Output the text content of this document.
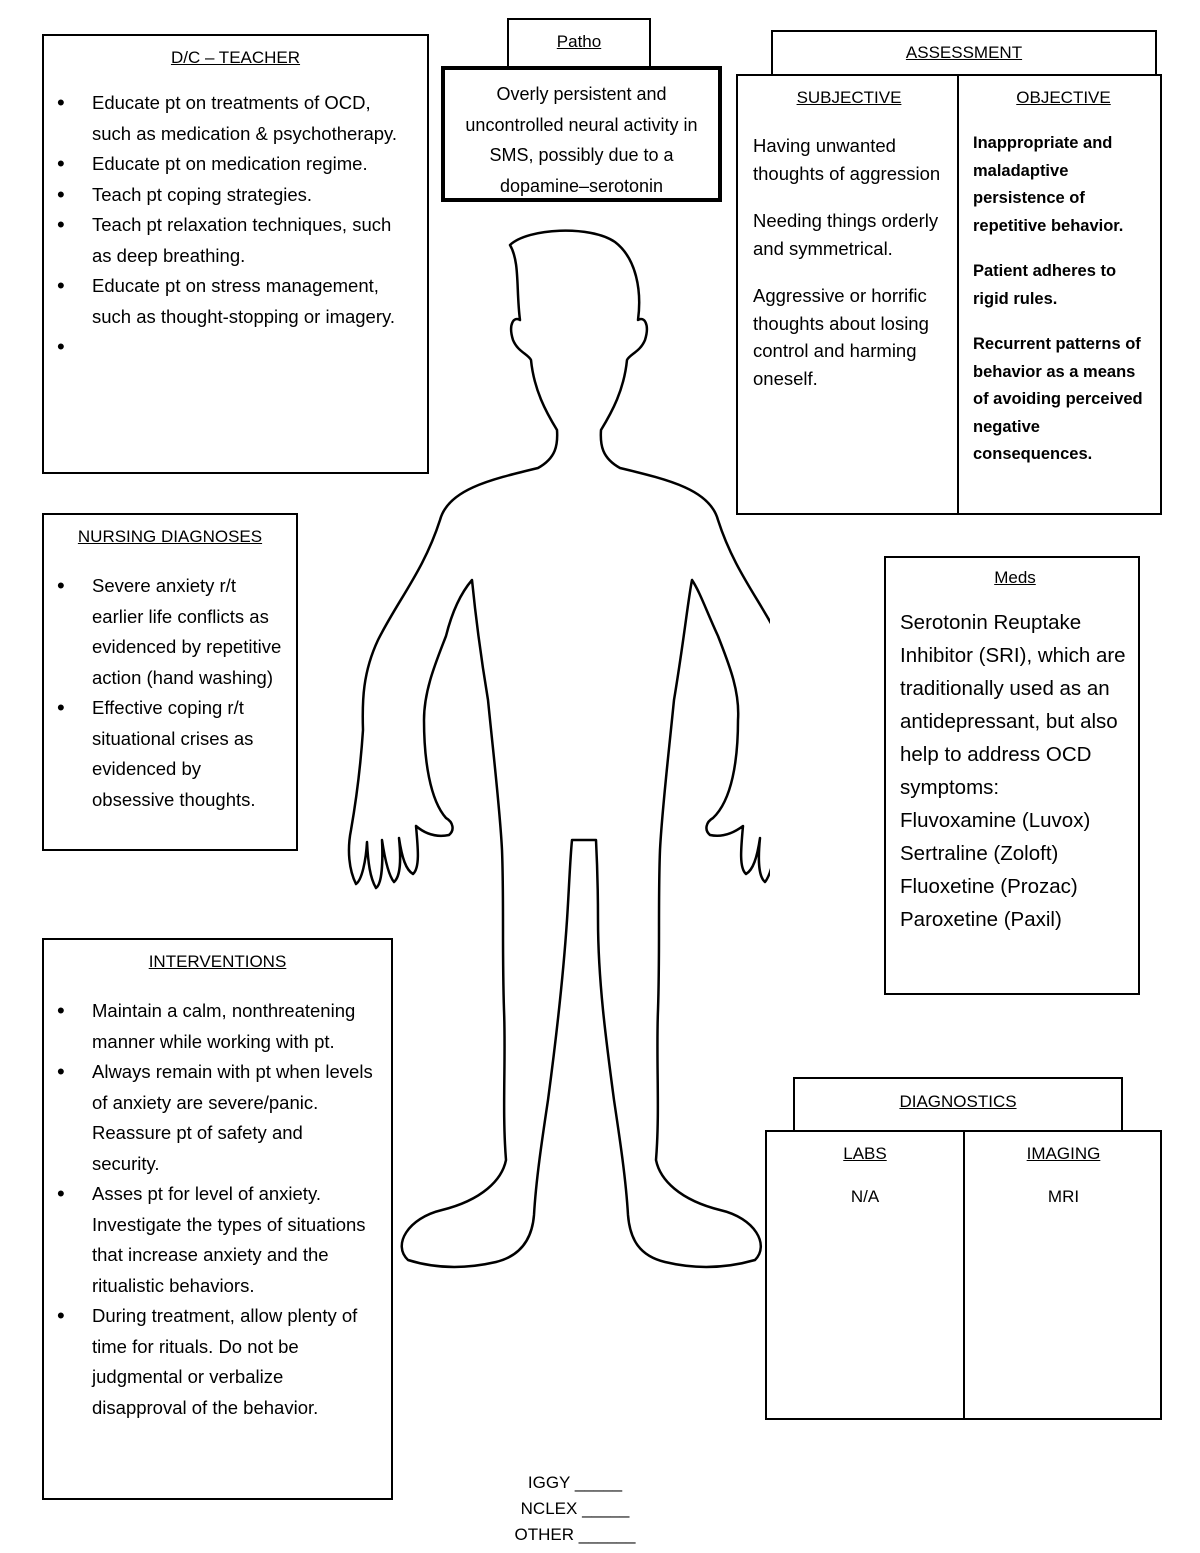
D/C – TEACHER
• Educate pt on treatments of OCD, such as medication & psychotherapy.
• Educate pt on medication regime.
• Teach pt coping strategies.
• Teach pt relaxation techniques, such as deep breathing.
• Educate pt on stress management, such as thought-stopping or imagery.
•
Patho
Overly persistent and uncontrolled neural activity in SMS, possibly due to a dopamine–serotonin
ASSESSMENT
SUBJECTIVE
Having unwanted thoughts of aggression
Needing things orderly and symmetrical.
Aggressive or horrific thoughts about losing control and harming oneself.
OBJECTIVE
Inappropriate and maladaptive persistence of repetitive behavior.
Patient adheres to rigid rules.
Recurrent patterns of behavior as a means of avoiding perceived negative consequences.
NURSING DIAGNOSES
• Severe anxiety r/t earlier life conflicts as evidenced by repetitive action (hand washing)
• Effective coping r/t situational crises as evidenced by obsessive thoughts.
Meds
Serotonin Reuptake Inhibitor (SRI), which are traditionally used as an antidepressant, but also help to address OCD symptoms:
Fluvoxamine (Luvox)
Sertraline (Zoloft)
Fluoxetine (Prozac)
Paroxetine (Paxil)
INTERVENTIONS
• Maintain a calm, nonthreatening manner while working with pt.
• Always remain with pt when levels of anxiety are severe/panic. Reassure pt of safety and security.
• Asses pt for level of anxiety. Investigate the types of situations that increase anxiety and the ritualistic behaviors.
• During treatment, allow plenty of time for rituals. Do not be judgmental or verbalize disapproval of the behavior.
DIAGNOSTICS
LABS
N/A
IMAGING
MRI
IGGY _____
NCLEX _____
OTHER ______
